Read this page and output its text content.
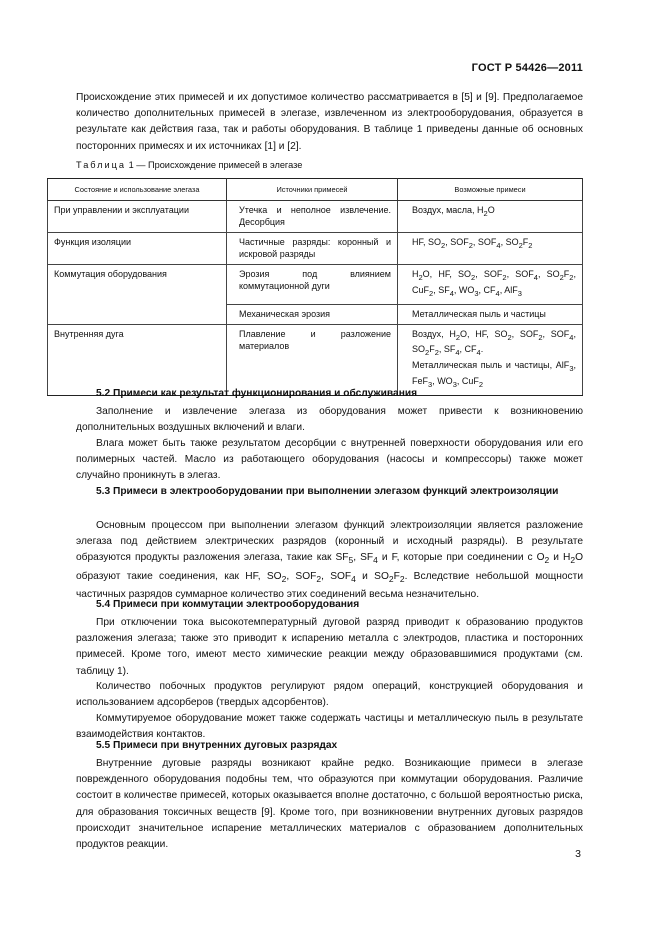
ГОСТ Р 54426—2011
Происхождение этих примесей и их допустимое количество рассматривается в [5] и [9]. Предполагаемое количество дополнительных примесей в элегазе, извлеченном из электрооборудования, образуется в результате как действия газа, так и работы оборудования. В таблице 1 приведены данные об основных посторонних примесях и их источниках [1] и [2].
Таблица 1 — Происхождение примесей в элегазе
Состояние и использование элегаза	Источники примесей	Возможные примеси
При управлении и эксплуатации	Утечка и неполное извлечение. Десорбция	Воздух, масла, $H_2O$
Функция изоляции	Частичные разряды: коронный и искровой разряды	HF, $SO_2$, $SOF_2$, $SOF_4$, $SO_2F_2$
Коммутация оборудования	Эрозия под влиянием коммутационной дуги	$H_2O$, HF, $SO_2$, $SOF_2$, $SOF_4$, $SO_2F_2$, CuF$_2$, $SF_4$, $WO_3$, $CF_4$, AlF$_3$
	Механическая эрозия	Металлическая пыль и частицы
Внутренняя дуга	Плавление и разложение материалов	Воздух, $H_2O$, HF, $SO_2$, $SOF_2$, $SOF_4$, $SO_2F_2$, $SF_4$, $CF_4$.
Металлическая пыль и частицы, AlF$_3$, FeF$_3$, $WO_3$, CuF$_2$
5.2 Примеси как результат функционирования и обслуживания
Заполнение и извлечение элегаза из оборудования может привести к возникновению дополнительных воздушных включений и влаги.
Влага может быть также результатом десорбции с внутренней поверхности оборудования или его полимерных частей. Масло из работающего оборудования (насосы и компрессоры) также может случайно проникнуть в элегаз.
5.3 Примеси в электрооборудовании при выполнении элегазом функций электроизоляции
Основным процессом при выполнении элегазом функций электроизоляции является разложение элегаза под действием электрических разрядов (коронный и исходный разряды). В результате образуются продукты разложения элегаза, такие как $SF_5$, $SF_4$ и F, которые при соединении с $O_2$ и $H_2O$ образуют такие соединения, как HF, $SO_2$, $SOF_2$, $SOF_4$ и $SO_2F_2$. Вследствие небольшой мощности частичных разрядов суммарное количество этих соединений весьма незначительно.
5.4 Примеси при коммутации электрооборудования
При отключении тока высокотемпературный дуговой разряд приводит к образованию продуктов разложения элегаза; также это приводит к испарению металла с электродов, пластика и посторонних примесей. Кроме того, имеют место химические реакции между образовавшимися продуктами (см. таблицу 1).
Количество побочных продуктов регулируют рядом операций, конструкцией оборудования и использованием адсорберов (твердых адсорбентов).
Коммутируемое оборудование может также содержать частицы и металлическую пыль в результате взаимодействия контактов.
5.5 Примеси при внутренних дуговых разрядах
Внутренние дуговые разряды возникают крайне редко. Возникающие примеси в элегазе поврежденного оборудования подобны тем, что образуются при коммутации оборудования. Различие состоит в количестве примесей, которых оказывается вполне достаточно, с большой вероятностью риска, для образования токсичных веществ [9]. Кроме того, при возникновении внутренних дуговых разрядов происходит значительное испарение металлических материалов с образованием дополнительных продуктов реакции.
3
